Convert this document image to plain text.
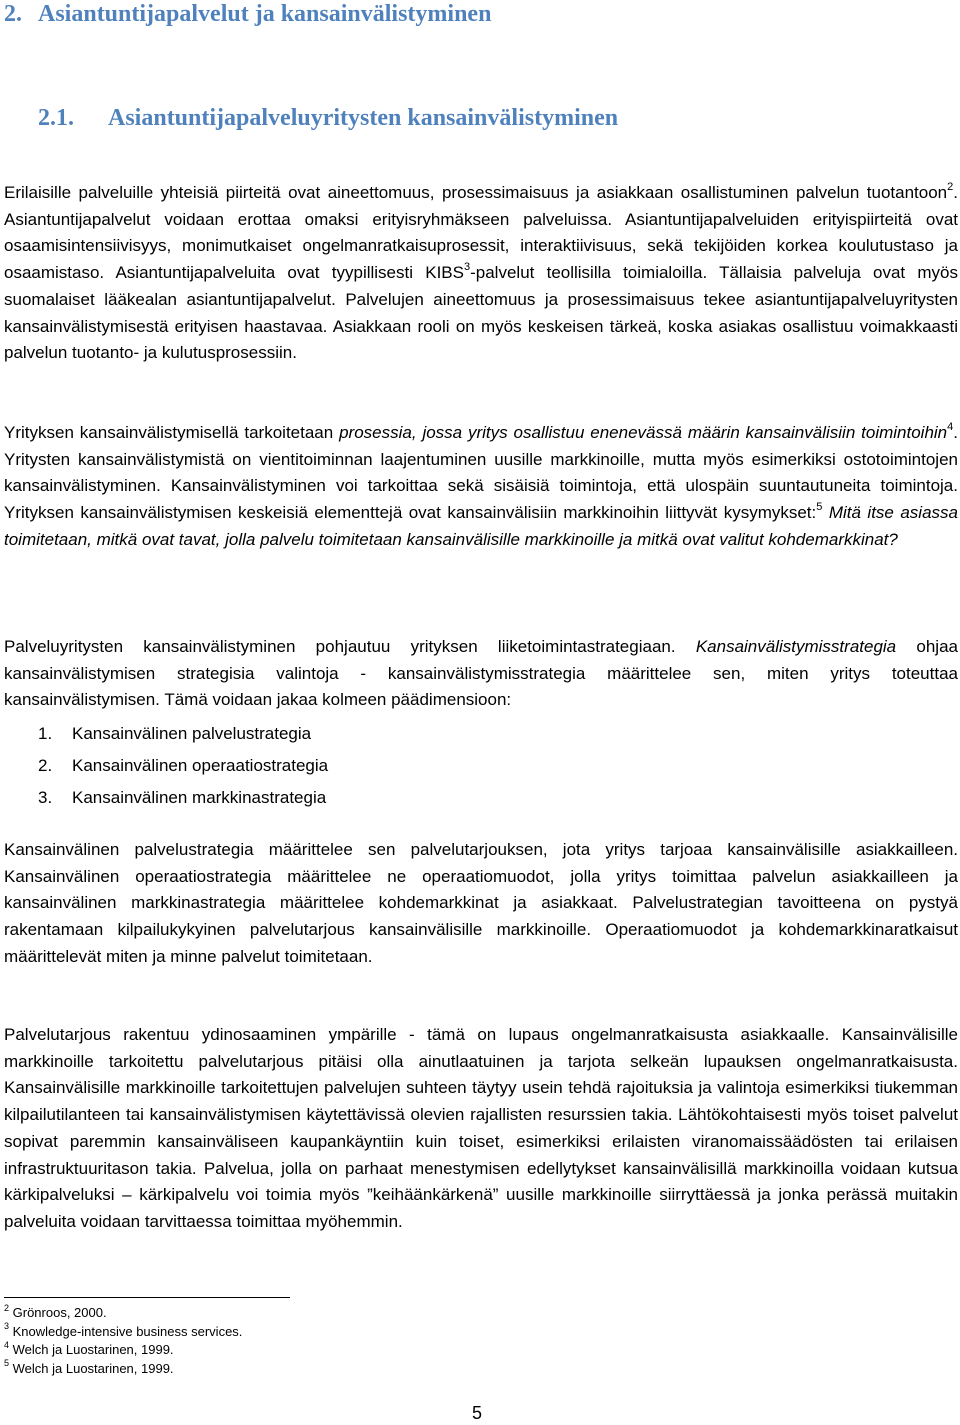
2. Asiantuntijapalvelut ja kansainvälistyminen
2.1. Asiantuntijapalveluyritysten kansainvälistyminen

Erilaisille palveluille yhteisiä piirteitä ovat aineettomuus, prosessimaisuus ja asiakkaan osallistuminen palvelun tuotantoon$^2$. Asiantuntijapalvelut voidaan erottaa omaksi erityisryhmäkseen palveluissa. Asiantuntijapalveluiden erityispiirteitä ovat osaamisintensiivisyys, monimutkaiset ongelmanratkaisuprosessit, interaktiivisuus, sekä tekijöiden korkea koulutustaso ja osaamistaso. Asiantuntijapalveluita ovat tyypillisesti KIBS$^3$-palvelut teollisilla toimialoilla. Tällaisia palveluja ovat myös suomalaiset lääkealan asiantuntijapalvelut. Palvelujen aineettomuus ja prosessimaisuus tekee asiantuntijapalveluyritysten kansainvälistymisestä erityisen haastavaa. Asiakkaan rooli on myös keskeisen tärkeä, koska asiakas osallistuu voimakkaasti palvelun tuotanto- ja kulutusprosessiin.

Yrityksen kansainvälistymisellä tarkoitetaan prosessia, jossa yritys osallistuu enenevässä määrin kansainvälisiin toimintoihin$^4$. Yritysten kansainvälistymistä on vientitoiminnan laajentuminen uusille markkinoille, mutta myös esimerkiksi ostotoimintojen kansainvälistyminen. Kansainvälistyminen voi tarkoittaa sekä sisäisiä toimintoja, että ulospäin suuntautuneita toimintoja. Yrityksen kansainvälistymisen keskeisiä elementtejä ovat kansainvälisiin markkinoihin liittyvät kysymykset:$^5$ Mitä itse asiassa toimitetaan, mitkä ovat tavat, jolla palvelu toimitetaan kansainvälisille markkinoille ja mitkä ovat valitut kohdemarkkinat?

Palveluyritysten kansainvälistyminen pohjautuu yrityksen liiketoimintastrategiaan. Kansainvälistymisstrategia ohjaa kansainvälistymisen strategisia valintoja - kansainvälistymisstrategia määrittelee sen, miten yritys toteuttaa kansainvälistymisen. Tämä voidaan jakaa kolmeen päädimensioon:

1. Kansainvälinen palvelustrategia
2. Kansainvälinen operaatiostrategia
3. Kansainvälinen markkinastrategia

Kansainvälinen palvelustrategia määrittelee sen palvelutarjouksen, jota yritys tarjoaa kansainvälisille asiakkailleen. Kansainvälinen operaatiostrategia määrittelee ne operaatiomuodot, jolla yritys toimittaa palvelun asiakkailleen ja kansainvälinen markkinastrategia määrittelee kohdemarkkinat ja asiakkaat. Palvelustrategian tavoitteena on pystyä rakentamaan kilpailukykyinen palvelutarjous kansainvälisille markkinoille. Operaatiomuodot ja kohdemarkkinaratkaisut määrittelevät miten ja minne palvelut toimitetaan.

Palvelutarjous rakentuu ydinosaaminen ympärille - tämä on lupaus ongelmanratkaisusta asiakkaalle. Kansainvälisille markkinoille tarkoitettu palvelutarjous pitäisi olla ainutlaatuinen ja tarjota selkeän lupauksen ongelmanratkaisusta. Kansainvälisille markkinoille tarkoitettujen palvelujen suhteen täytyy usein tehdä rajoituksia ja valintoja esimerkiksi tiukemman kilpailutilanteen tai kansainvälistymisen käytettävissä olevien rajallisten resurssien takia. Lähtökohtaisesti myös toiset palvelut sopivat paremmin kansainväliseen kaupankäyntiin kuin toiset, esimerkiksi erilaisten viranomaissäädösten tai erilaisen infrastruktuuritason takia. Palvelua, jolla on parhaat menestymisen edellytykset kansainvälisillä markkinoilla voidaan kutsua kärkipalveluksi – kärkipalvelu voi toimia myös ”keihäänkärkenä” uusille markkinoille siirryttäessä ja jonka perässä muitakin palveluita voidaan tarvittaessa toimittaa myöhemmin.

$^2$ Grönroos, 2000.
$^3$ Knowledge-intensive business services.
$^4$ Welch ja Luostarinen, 1999.
$^5$ Welch ja Luostarinen, 1999.
5
